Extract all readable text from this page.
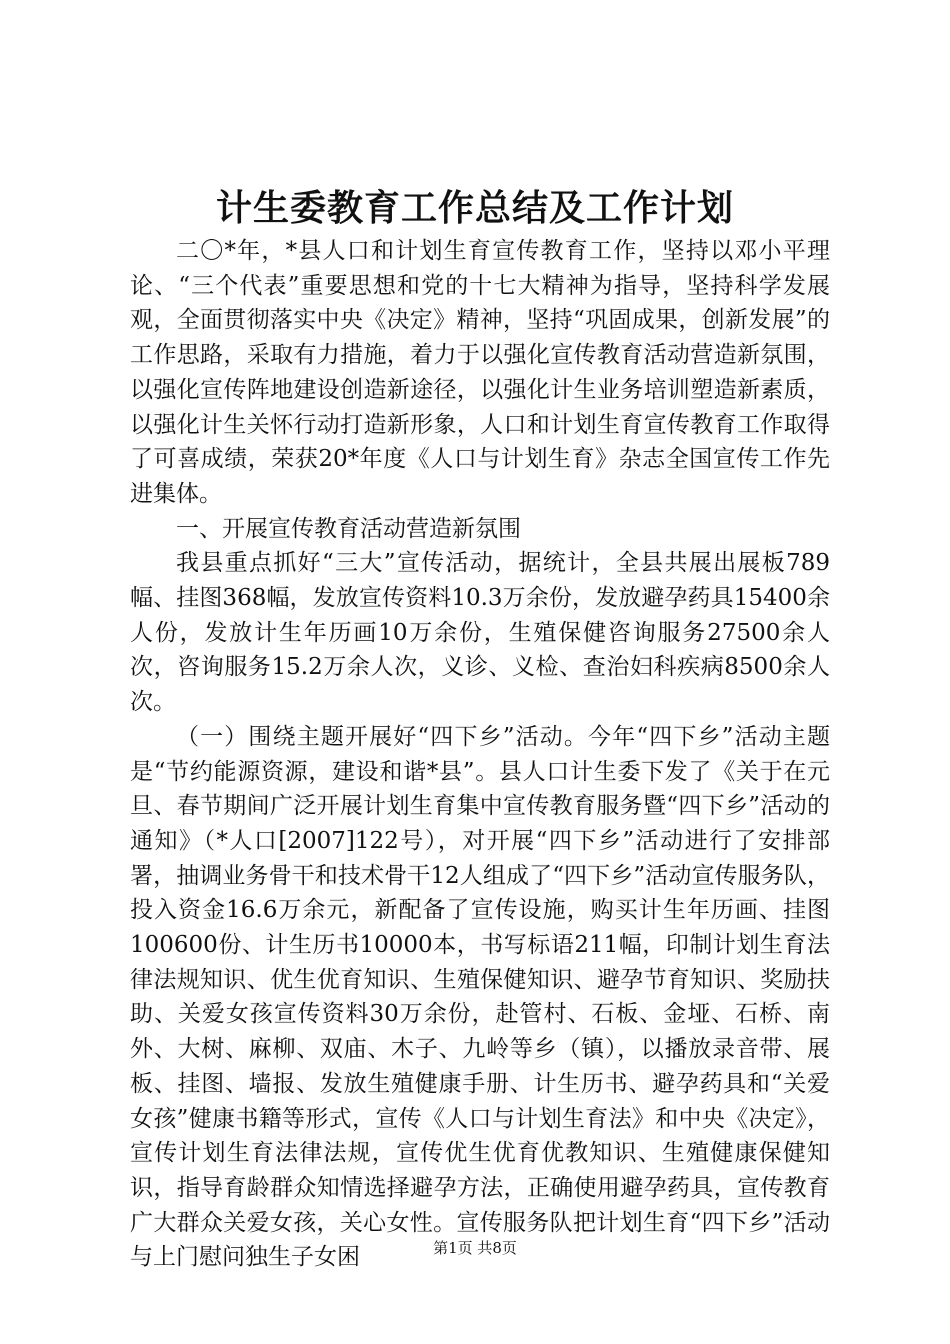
计生委教育工作总结及工作计划

二〇*年，*县人口和计划生育宣传教育工作，坚持以邓小平理论、“三个代表”重要思想和党的十七大精神为指导，坚持科学发展观，全面贯彻落实中央《决定》精神，坚持“巩固成果，创新发展”的工作思路，采取有力措施，着力于以强化宣传教育活动营造新氛围，以强化宣传阵地建设创造新途径，以强化计生业务培训塑造新素质，以强化计生关怀行动打造新形象，人口和计划生育宣传教育工作取得了可喜成绩，荣获20*年度《人口与计划生育》杂志全国宣传工作先进集体。

一、开展宣传教育活动营造新氛围

我县重点抓好“三大”宣传活动，据统计，全县共展出展板789幅、挂图368幅，发放宣传资料10.3万余份，发放避孕药具15400余人份，发放计生年历画10万余份，生殖保健咨询服务27500余人次，咨询服务15.2万余人次，义诊、义检、查治妇科疾病8500余人次。

（一）围绕主题开展好“四下乡”活动。今年“四下乡”活动主题是“节约能源资源，建设和谐*县”。县人口计生委下发了《关于在元旦、春节期间广泛开展计划生育集中宣传教育服务暨“四下乡”活动的通知》（*人口[2007]122号），对开展“四下乡”活动进行了安排部署，抽调业务骨干和技术骨干12人组成了“四下乡”活动宣传服务队，投入资金16.6万余元，新配备了宣传设施，购买计生年历画、挂图100600份、计生历书10000本，书写标语211幅，印制计划生育法律法规知识、优生优育知识、生殖保健知识、避孕节育知识、奖励扶助、关爱女孩宣传资料30万余份，赴管村、石板、金垭、石桥、南外、大树、麻柳、双庙、木子、九岭等乡（镇），以播放录音带、展板、挂图、墙报、发放生殖健康手册、计生历书、避孕药具和“关爱女孩”健康书籍等形式，宣传《人口与计划生育法》和中央《决定》，宣传计划生育法律法规，宣传优生优育优教知识、生殖健康保健知识，指导育龄群众知情选择避孕方法，正确使用避孕药具，宣传教育广大群众关爱女孩，关心女性。宣传服务队把计划生育“四下乡”活动与上门慰问独生子女困	第1页 共8页
